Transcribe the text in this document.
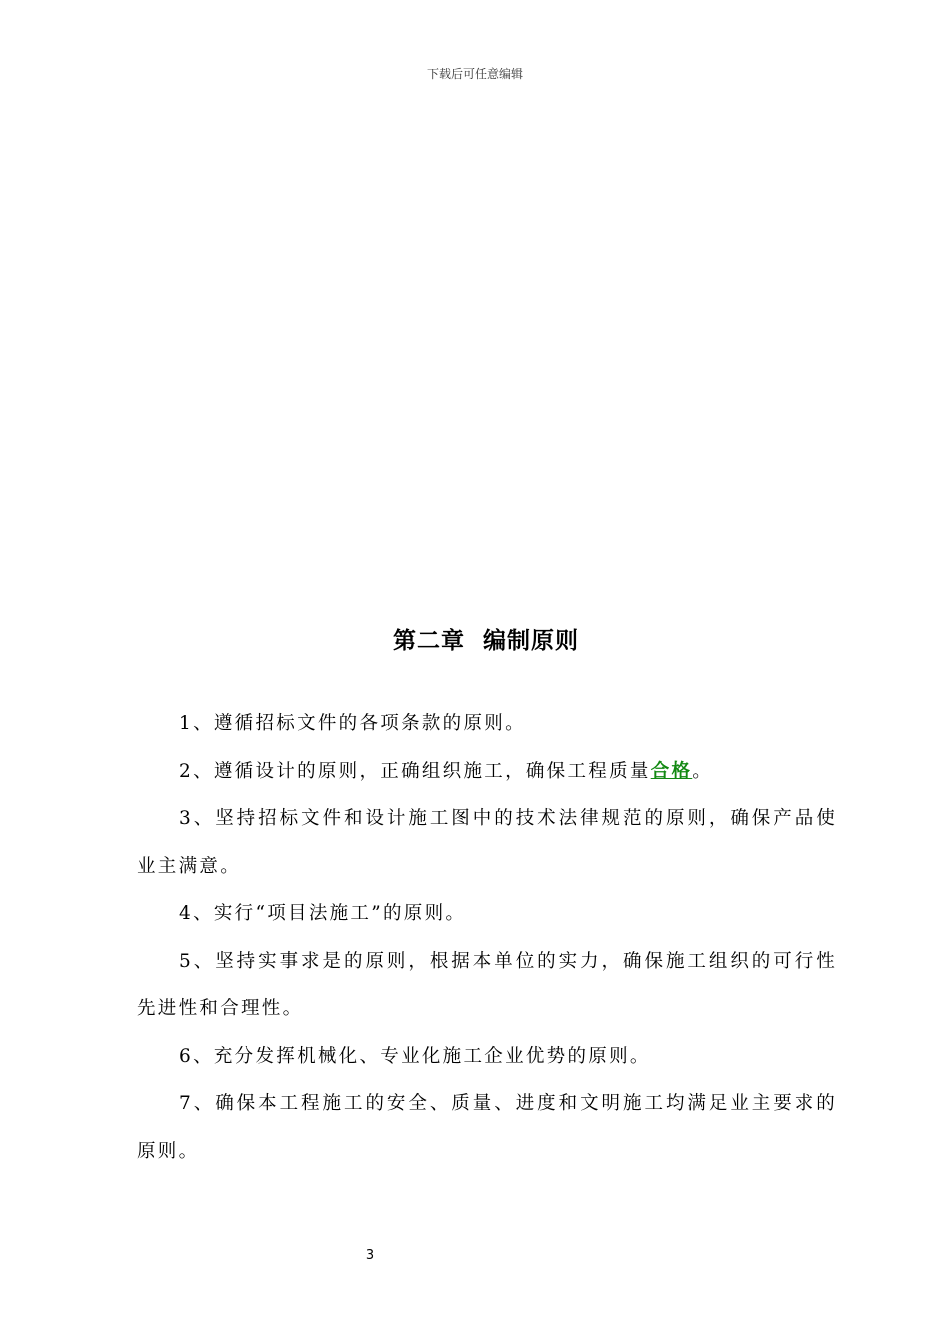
下载后可任意编辑
第二章  编制原则

1、遵循招标文件的各项条款的原则。

2、遵循设计的原则，正确组织施工，确保工程质量合格。

3、坚持招标文件和设计施工图中的技术法律规范的原则，确保产品使业主满意。

4、实行“项目法施工”的原则。

5、坚持实事求是的原则，根据本单位的实力，确保施工组织的可行性先进性和合理性。

6、充分发挥机械化、专业化施工企业优势的原则。

7、确保本工程施工的安全、质量、进度和文明施工均满足业主要求的原则。

3
